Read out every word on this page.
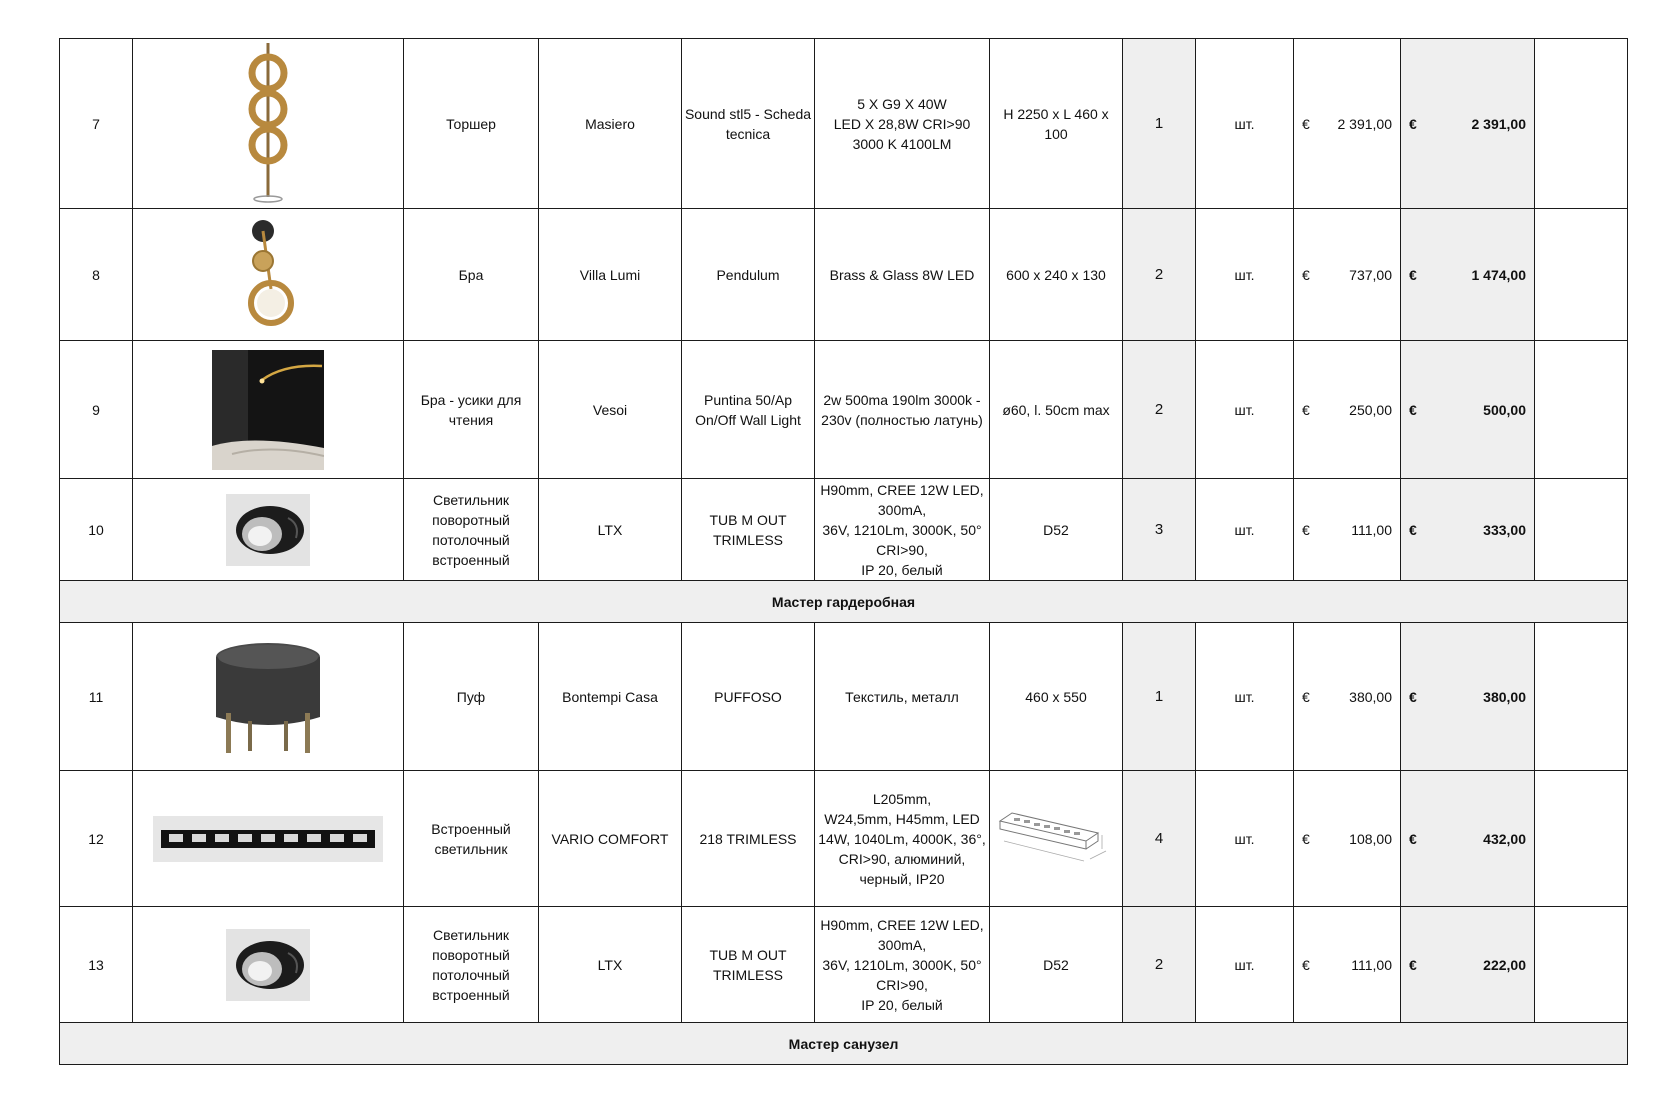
7		Торшер	Masiero	Sound stl5 - Scheda tecnica	5 X G9 X 40W
LED X 28,8W CRI>90 3000 K 4100LM	H 2250 x L 460 x 100	1	шт.	€ 2 391,00	€ 2 391,00	

8		Бра	Villa Lumi	Pendulum	Brass & Glass 8W LED	600 x 240 x 130	2	шт.	€ 737,00	€ 1 474,00	

9		Бра - усики для чтения	Vesoi	Puntina 50/Ap On/Off Wall Light	2w 500ma 190lm 3000k - 230v (полностью латунь)	ø60, l. 50cm max	2	шт.	€ 250,00	€ 500,00	

10		Светильник поворотный потолочный встроенный	LTX	TUB M OUT TRIMLESS	H90mm, CREE 12W LED, 300mA,
36V, 1210Lm, 3000K, 50° CRI>90,
IP 20, белый	D52	3	шт.	€ 111,00	€ 333,00	

Мастер гардеробная											
11		Пуф	Bontempi Casa	PUFFOSO	Текстиль, металл	460 x 550	1	шт.	€ 380,00	€ 380,00	

12		Встроенный светильник	VARIO COMFORT	218 TRIMLESS	L205mm,
W24,5mm, H45mm, LED 14W, 1040Lm, 4000K, 36°, CRI>90, алюминий, черный, IP20		4	шт.	€ 108,00	€ 432,00	

13		Светильник поворотный потолочный встроенный	LTX	TUB M OUT TRIMLESS	H90mm, CREE 12W LED, 300mA,
36V, 1210Lm, 3000K, 50° CRI>90,
IP 20, белый	D52	2	шт.	€ 111,00	€ 222,00	

Мастер санузел											
